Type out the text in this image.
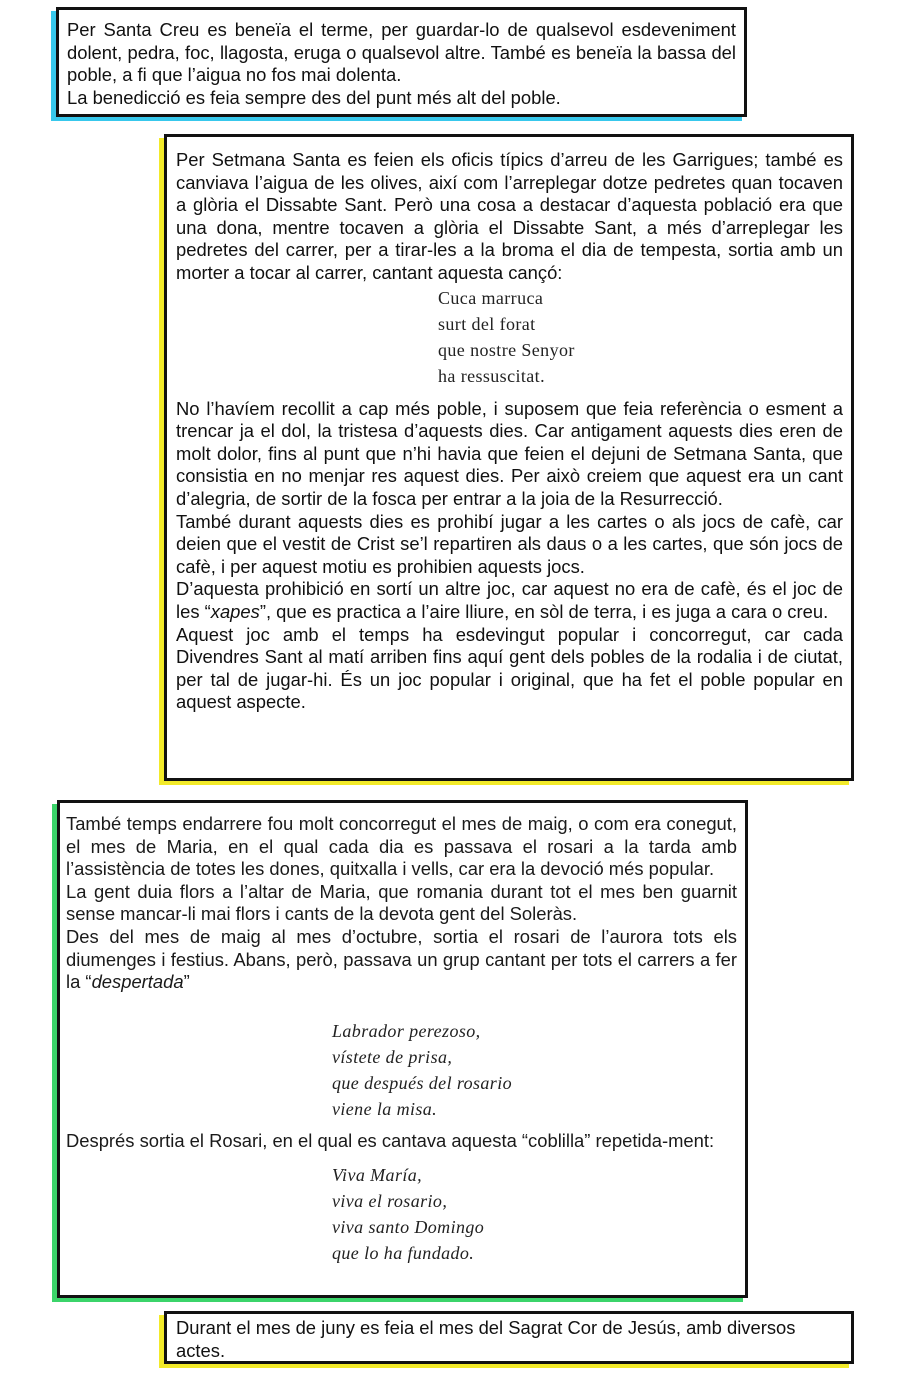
Per Santa Creu es beneïa el terme, per guardar-lo de qualsevol esdeveniment dolent, pedra, foc, llagosta, eruga o qualsevol altre. També es beneïa la bassa del poble, a fi que l’aigua no fos mai dolenta.

La benedicció es feia sempre des del punt més alt del poble.

Per Setmana Santa es feien els oficis típics d’arreu de les Garrigues; també es canviava l’aigua de les olives, així com l’arreplegar dotze pedretes quan tocaven a glòria el Dissabte Sant. Però una cosa a destacar d’aquesta població era que una dona, mentre tocaven a glòria el Dissabte Sant, a més d’arreplegar les pedretes del carrer, per a tirar-les a la broma el dia de tempesta, sortia amb un morter a tocar al carrer, cantant aquesta cançó:

Cuca marruca
surt del forat
que nostre Senyor
ha ressuscitat.

No l’havíem recollit a cap més poble, i suposem que feia referència o esment a trencar ja el dol, la tristesa d’aquests dies. Car antigament aquests dies eren de molt dolor, fins al punt que n’hi havia que feien el dejuni de Setmana Santa, que consistia en no menjar res aquest dies. Per això creiem que aquest era un cant d’alegria, de sortir de la fosca per entrar a la joia de la Resurrecció.

També durant aquests dies es prohibí jugar a les cartes o als jocs de cafè, car deien que el vestit de Crist se’l repartiren als daus o a les cartes, que són jocs de cafè, i per aquest motiu es prohibien aquests jocs.

D’aquesta prohibició en sortí un altre joc, car aquest no era de cafè, és el joc de les “xapes”, que es practica a l’aire lliure, en sòl de terra, i es juga a cara o creu.

Aquest joc amb el temps ha esdevingut popular i concorregut, car cada Divendres Sant al matí arriben fins aquí gent dels pobles de la rodalia i de ciutat, per tal de jugar-hi. És un joc popular i original, que ha fet el poble popular en aquest aspecte.

També temps endarrere fou molt concorregut el mes de maig, o com era conegut, el mes de Maria, en el qual cada dia es passava el rosari a la tarda amb l’assistència de totes les dones, quitxalla i vells, car era la devoció més popular.

La gent duia flors a l’altar de Maria, que romania durant tot el mes ben guarnit sense mancar-li mai flors i cants de la devota gent del Soleràs.

Des del mes de maig al mes d’octubre, sortia el rosari de l’aurora tots els diumenges i festius. Abans, però, passava un grup cantant per tots el carrers a fer la “despertada”

Labrador perezoso,
vístete de prisa,
que después del rosario
viene la misa.

Després sortia el Rosari, en el qual es cantava aquesta “coblilla” repetida-ment:

Viva María,
viva el rosario,
viva santo Domingo
que lo ha fundado.

Durant el mes de juny es feia el mes del Sagrat Cor de Jesús, amb diversos actes.
